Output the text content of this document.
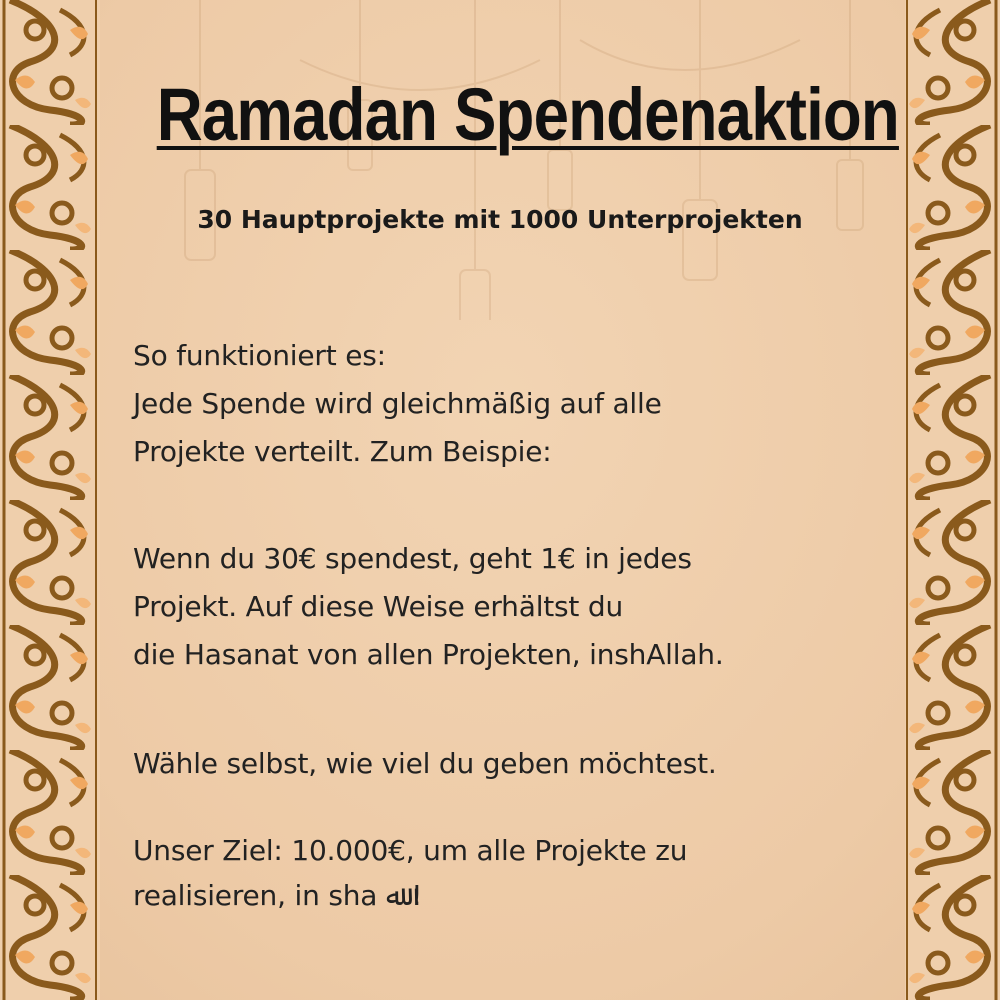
Ramadan Spendenaktion
30 Hauptprojekte mit 1000 Unterprojekten
So funktioniert es:
Jede Spende wird gleichmäßig auf alle
Projekte verteilt. Zum Beispie:
Wenn du 30€ spendest, geht 1€ in jedes
Projekt. Auf diese Weise erhältst du
die Hasanat von allen Projekten, inshAllah.
Wähle selbst, wie viel du geben möchtest.
Unser Ziel: 10.000€, um alle Projekte zu
realisieren, in sha ﷲ !
